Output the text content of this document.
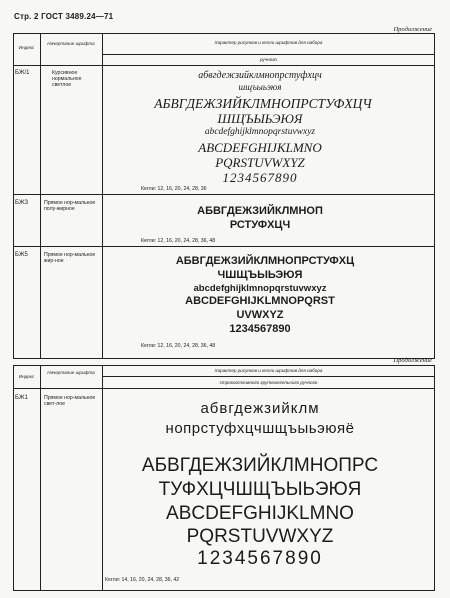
Стр. 2 ГОСТ 3489.24—71
Продолжение
Индекс
Начертание шрифта	Характер рисунков и кегли шрифтов для набора
ручного
БЖ/1	Курсивное нормальное светлое
абвгдежзийклмнопрстуфхцч
шщъыьэюя
АБВГДЕЖЗИЙКЛМНОПРСТУФХЦЧ
ШЩЪЫЬЭЮЯ
abcdefghijklmnopqrstuvwxyz
ABCDEFGHIJKLMNO
PQRSTUVWXYZ
1234567890
Кегли: 12, 16, 20, 24, 28, 36
БЖЗ	Прямое нор-мальное полу-жирное	АБВГДЕЖЗИЙКЛМНОП
РСТУФХЦЧ
Кегли: 12, 16, 20, 24, 28, 36, 48
БЖ5	Прямое нор-мальное жир-ное	АБВГДЕЖЗИЙКЛМНОПРСТУФХЦ
ЧШЩЪЫЬЭЮЯ
abcdefghijklmnopqrstuvwxyz
ABCDEFGHIJKLMNOPQRST
UVWXYZ
1234567890
Кегли: 12, 16, 20, 24, 28, 36, 48
Продолжение
Индекс
Начертание шрифта	Характер рисунков и кегли шрифтов для набора
строкоотливного крупнокегельного ручного
БЖ1	Прямое нор-мальное свет-лое	абвгдежзийклм
нопрстуфхцчшщъыьэюяё
АБВГДЕЖЗИЙКЛМНОПРС
ТУФХЦЧШЩЪЫЬЭЮЯ
ABCDEFGHIJKLMNO
PQRSTUVWXYZ
1234567890
Кегли: 14, 16, 20, 24, 28, 36, 42
